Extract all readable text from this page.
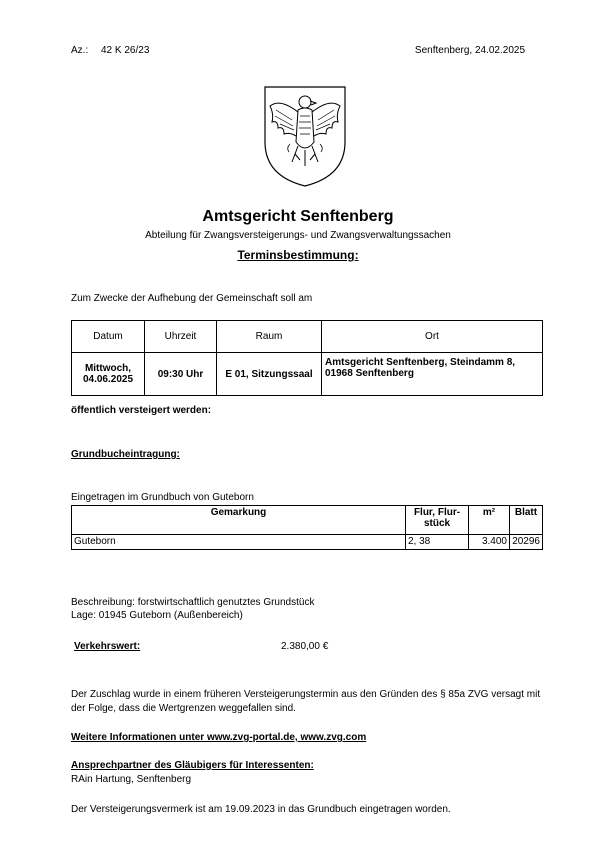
Az.: 42 K 26/23	Senftenberg, 24.02.2025
Amtsgericht Senftenberg
Abteilung für Zwangsversteigerungs- und Zwangsverwaltungssachen
Terminsbestimmung:
Zum Zwecke der Aufhebung der Gemeinschaft soll am
Datum	Uhrzeit	Raum	Ort
Mittwoch, 04.06.2025	09:30 Uhr	E 01, Sitzungssaal	Amtsgericht Senftenberg, Steindamm 8, 01968 Senftenberg
öffentlich versteigert werden:
Grundbucheintragung:
Eingetragen im Grundbuch von Guteborn
Gemarkung	Flur, Flur-stück	m²	Blatt
Guteborn	2, 38	3.400	20296
Beschreibung: forstwirtschaftlich genutztes Grundstück
Lage: 01945 Guteborn (Außenbereich)
Verkehrswert:	2.380,00 €
Der Zuschlag wurde in einem früheren Versteigerungstermin aus den Gründen des § 85a ZVG versagt mit der Folge, dass die Wertgrenzen weggefallen sind.
Weitere Informationen unter www.zvg-portal.de, www.zvg.com
Ansprechpartner des Gläubigers für Interessenten:
RAin Hartung, Senftenberg
Der Versteigerungsvermerk ist am 19.09.2023 in das Grundbuch eingetragen worden.
